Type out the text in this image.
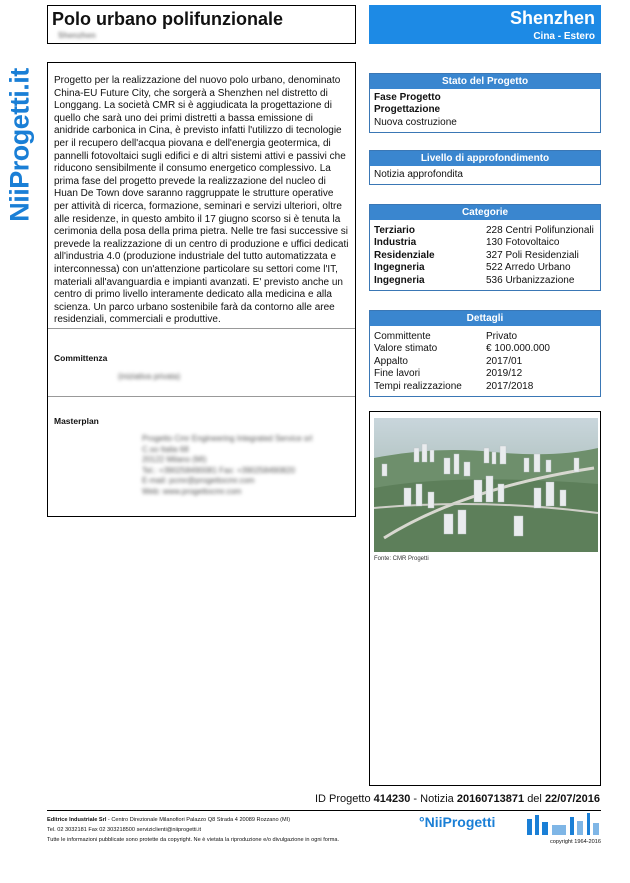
NiiProgetti.it
Polo urbano polifunzionale
Shenzhen
Shenzhen
Cina - Estero
Progetto per la realizzazione del nuovo polo urbano, denominato China-EU Future City, che sorgerà a Shenzhen nel distretto di Longgang. La società CMR si è aggiudicata la progettazione di quello che sarà uno dei primi distretti a bassa emissione di anidride carbonica in Cina, è previsto infatti l'utilizzo di tecnologie per il recupero dell'acqua piovana e dell'energia geotermica, di pannelli fotovoltaici sugli edifici e di altri sistemi attivi e passivi che riducono sensibilmente il consumo energetico complessivo. La prima fase del progetto prevede la realizzazione del nucleo di Huan De Town dove saranno raggruppate le strutture operative per attività di ricerca, formazione, seminari e servizi ulteriori, oltre alle residenze, in questo ambito il 17 giugno scorso si è tenuta la cerimonia della posa della prima pietra. Nelle tre fasi successive si prevede la realizzazione di un centro di produzione e uffici dedicati all'industria 4.0 (produzione industriale del tutto automatizzata e interconnessa) con un'attenzione particolare su settori come l'IT, materiali all'avanguardia e impianti avanzati. E' previsto anche un centro di primo livello interamente dedicato alla medicina e alla scienza. Un parco urbano sostenibile farà da contorno alle aree residenziali, commerciali e produttive.
Committenza
(iniziativa privata)
Masterplan
Progetto Cmr Engineering Integrated Service srl
C.so Italia 68
20122 Milano (MI)
Tel.: +390258490081 Fax: +390258490820
E-mail: pcmr@progettocmr.com
Web: www.progettocmr.com
Stato del Progetto
Fase Progetto
Progettazione
Nuova costruzione
Livello di approfondimento
Notizia approfondita
Categorie
Terziario	228 Centri Polifunzionali
Industria	130 Fotovoltaico
Residenziale	327 Poli Residenziali
Ingegneria	522 Arredo Urbano
Ingegneria	536 Urbanizzazione
Dettagli
Committente	Privato
Valore stimato	€ 100.000.000
Appalto	2017/01
Fine lavori	2019/12
Tempi realizzazione	2017/2018
Fonte: CMR Progetti
ID Progetto 414230 - Notizia 20160713871 del 22/07/2016
Editrice Industriale Srl - Centro Direzionale Milanofiori Palazzo Q8 Strada 4 20089 Rozzano (MI)
Tel. 02 3032181 Fax 02 303218500 serviziclienti@niiprogetti.it
Tutte le informazioni pubblicate sono protette da copyright. Ne è vietata la riproduzione e/o divulgazione in ogni forma.
°NiiProgetti
copyright 1964-2016
